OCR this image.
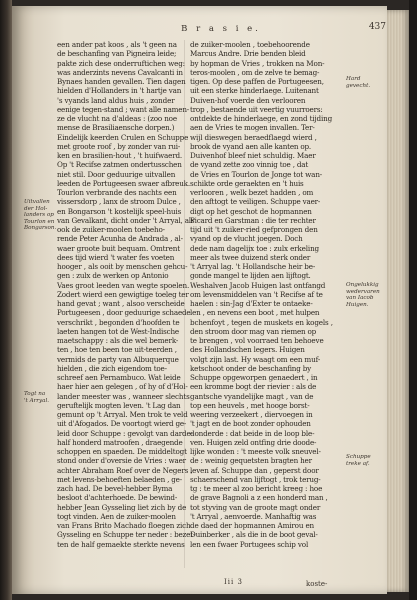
B r a s i e.	437
een ander pat koos , als 't geen na
de beschanfing van Pigneira leide;
pakte zich dese onderruftichen weg:
was anderzints nevens Cavalcanti in
Bynaes handen gevallen. Tien dagen
hielden d'Hollanders in 't hartje van
's vyands land aldus huis , zonder
eenige tegen-stand ; want alle namen-
ze de vlucht na d'aldeas : (zoo noe
mense de Brasiliaensche dorpen.)
Eindelijk keerden Crulen en Schuppe
met groote roof , by zonder van rui-
ken en brasilien-hout , 't huifwaerd.
Op 't Recifse zatmen ondertusschen
niet stil. Door geduurige uitvallen
leeden de Portugeesen swaer afbreuk.
Tourlon verbrande des nachts een
vissersdorp , lanx de stroom Dulce ,
en Bongarson 't kostelijk speel-huis
van Gevalkant, dicht onder 't Arryal, als
ook de zuiker-moolen toebeho-
rende Peter Acunha de Andrada , al-
waer groote buit bequam. Omtrent
dees tijd wierd 't water fes voeten
hooger , als ooit by menschen gehcu-
gen : zulx de werken op Antonio
Vaes groot leeden van wegte spoelen.
Zodert wierd een gewigtige toeleg ter
hand gevat ; want , alsoo verscheide
Portugeesen , door geduurige schaede
verschrikt , begonden d'hoofden te
laeten hangen tot de West-Indische
maetschappy : als die wel bemerk-
ten , hoe ten been toe uit-teerden ,
vermids de party van Albuquerque
hielden , die zich eigendom toe-
schreef aen Pernambuco. Wat leide
haer hier aen gelegen , of hy of d'Hol-
lander meester was , wanneer slechts
geruftelijk mogten leven. 't Lag dan
gemunt op 't Arryal. Men trok te veld
uit d'Afogados. De voortogt wierd ge-
leid door Schuppe : gevolgt van darde-
half honderd matroofen , draegende
schoppen en spaeden. De middeltogt
stond onder d'oversie de Vries : waer
achter Abraham Roef over de Negers ,
met levens-behoeften belaeden , ge-
zach had. De bevel-hebber Byma
besloot d'achterhoede. De bewind-
hebber Jean Gysseling liet zich by de
togt vinden. Aen de zuiker-moolen
van Frans Brito Machado floegen zich
Gysseling en Schuppe ter neder : bezet-
ten de half gemaekte sterkte nevens
de zuiker-moolen , toebehoorende
Marcus Andre. Drie benden bleid
by hopman de Vries , trokken na Mon-
teros-moolen , om de zelve te bemag-
tigen. Op dese paffen de Portugeesen,
uit een sterke hinderlaege. Luitenant
Duiven-hof voerde den verlooren
trop , bestaende uit veertig vuurroers:
ontdekte de hinderlaege, en zond tijding
aen de Vries te mogen invallen. Ter-
wijl dieswegen beraedflaegd wierd ,
brook de vyand aen alle kanten op.
Duivenhof bleef niet schuldig. Maer
de vyand zette zoo vinnig toe , dat
de Vries en Tourlon de Jonge tot wan-
schikte orde geraekten en 't huis
verlooren , welk bezet hadden , om
den afttogt te veiligen. Schuppe vaer-
digt op het geschot de hopmannen
Picard en Garstman : die ter rechter
tijd uit 't zuiker-ried gefprongen den
vyand op de vlucht joegen. Doch
dede nam dagelijx toe : zulx erkeling
meer als twee duizend sterk onder
't Arryal lag. 't Hollandsche heir be-
gonde mangel te lijden aen lijftogt.
Weshalven Jacob Huigen last ontfangd
om levensmiddelen van 't Recifse af te
haelen : sin-Jag d'Exter te ontaeke-
len , en nevens een boot , met hulpen
bchenfoyt , tegen de muskets en kogels ,
den stroom door mag van riemen op
te brengen , vol voorraed ten behoeve
des Hollandschen legers. Huigen
volgt zijn last. Hy waagt om een muf-
ketschoot onder de beschanfing by
Schuppe opgeworpen genaedert , in
een kromme bogt der rievier : als de
gantsche vyandelijke magt , van de
top een heuvels , met hooge borst-
weering verzeekert , diervoegen in
't jagt en de boot zonder ophouden
donderde : dat beide in de loop ble-
ven. Huigen zeld ontfing drie doode-
lijke wonden : 't meeste volk sneuvel-
de : weinig gequetsten bragten her
leven af. Schuppe dan , geperst door
schaerschend van lijftogt , trok terug-
tg : te meer al zoo bericht kreeg : hoe
de grave Bagnoli a z een honderd man ,
tot styving van de groote magt onder
't Arryal , aenvoerde. Manhaftig was
de daed der hopmannen Amirou en
Duinberker , als die in de boot geval-
len een fwaer Portugees schip vol
Uitvallen
der Hol-
landers op
Tourlon en
Bongarson.
Togt na
't Arryal.
Hard
gevecht.
Ongelukkig
wedervaren
van Iacob
Huigen.
Schuppe
treke af.
Iii 3	koste-
